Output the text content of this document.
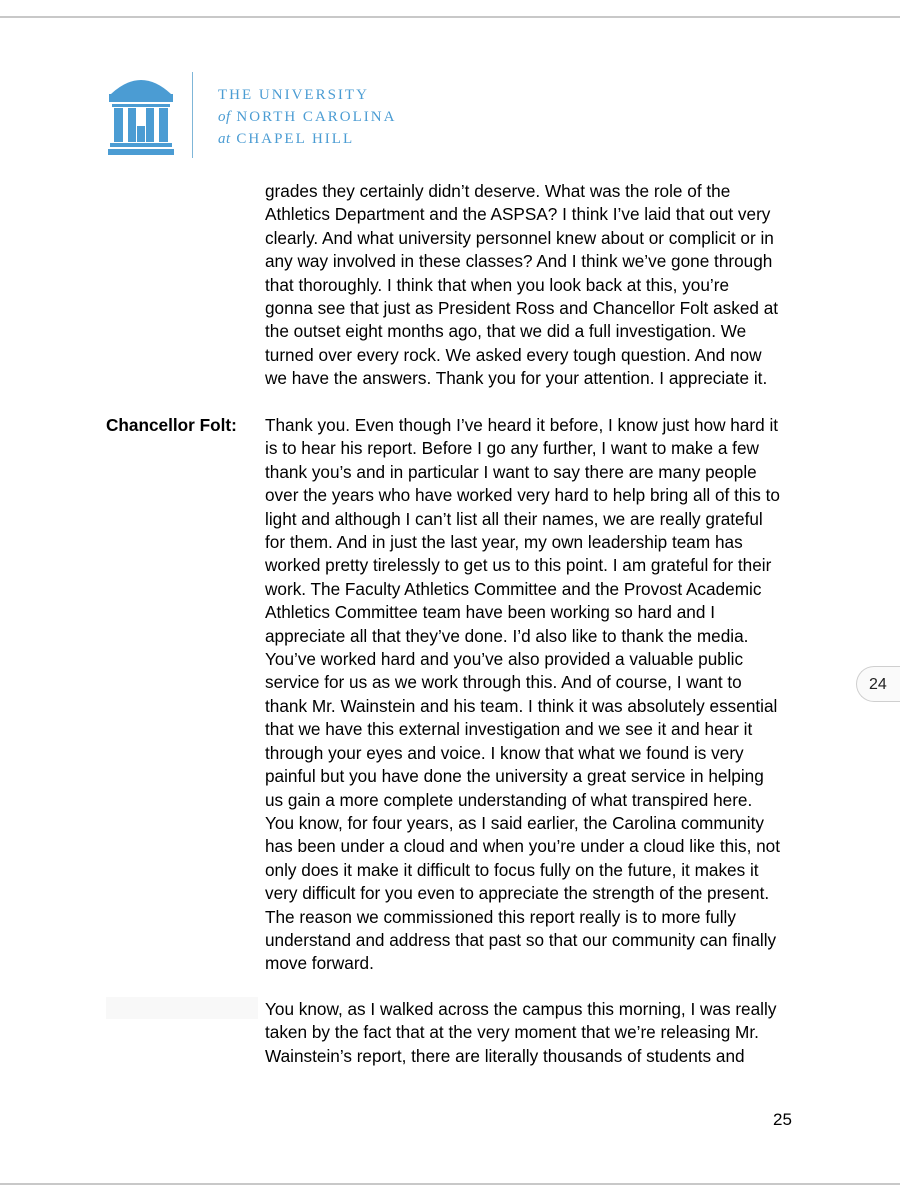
THE UNIVERSITY
of NORTH CAROLINA
at CHAPEL HILL
grades they certainly didn’t deserve. What was the role of the
Athletics Department and the ASPSA? I think I’ve laid that out very
clearly. And what university personnel knew about or complicit or in
any way involved in these classes? And I think we’ve gone through
that thoroughly. I think that when you look back at this, you’re
gonna see that just as President Ross and Chancellor Folt asked at
the outset eight months ago, that we did a full investigation. We
turned over every rock. We asked every tough question. And now
we have the answers. Thank you for your attention. I appreciate it.
Chancellor Folt: Thank you. Even though I’ve heard it before, I know just how hard it
is to hear his report. Before I go any further, I want to make a few
thank you’s and in particular I want to say there are many people
over the years who have worked very hard to help bring all of this to
light and although I can’t list all their names, we are really grateful
for them. And in just the last year, my own leadership team has
worked pretty tirelessly to get us to this point. I am grateful for their
work. The Faculty Athletics Committee and the Provost Academic
Athletics Committee team have been working so hard and I
appreciate all that they’ve done. I’d also like to thank the media.
You’ve worked hard and you’ve also provided a valuable public
service for us as we work through this. And of course, I want to
thank Mr. Wainstein and his team. I think it was absolutely essential
that we have this external investigation and we see it and hear it
through your eyes and voice. I know that what we found is very
painful but you have done the university a great service in helping
us gain a more complete understanding of what transpired here.
You know, for four years, as I said earlier, the Carolina community
has been under a cloud and when you’re under a cloud like this, not
only does it make it difficult to focus fully on the future, it makes it
very difficult for you even to appreciate the strength of the present.
The reason we commissioned this report really is to more fully
understand and address that past so that our community can finally
move forward.
You know, as I walked across the campus this morning, I was really
taken by the fact that at the very moment that we’re releasing Mr.
Wainstein’s report, there are literally thousands of students and
24
25
